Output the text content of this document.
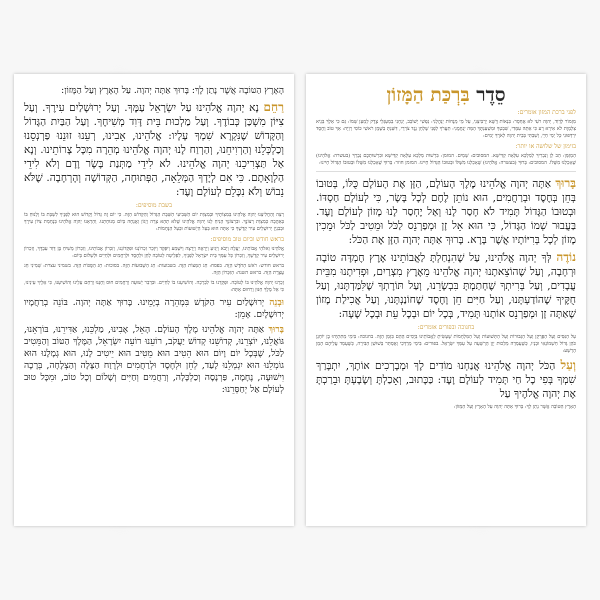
הָאָרֶץ הַטּוֹבָה אֲשֶׁר נָתַן לָךְ: בָּרוּךְ אַתָּה יְהוָה. עַל הָאָרֶץ וְעַל הַמָּזוֹן:
רַחֵם נָא יְהוָה אֱלֹהֵינוּ עַל יִשְׂרָאֵל עַמֶּךָ. וְעַל יְרוּשָׁלַיִם עִירֶךָ. וְעַל צִיּוֹן מִשְׁכַּן כְּבוֹדֶךָ. וְעַל מַלְכוּת בֵּית דָּוִד מְשִׁיחֶךָ. וְעַל הַבַּיִת הַגָּדוֹל וְהַקָּדוֹשׁ שֶׁנִּקְרָא שִׁמְךָ עָלָיו: אֱלֹהֵינוּ, אָבִינוּ, רְעֵנוּ זוּנֵנוּ פַּרְנְסֵנוּ וְכַלְכְּלֵנוּ וְהַרְוִיחֵנוּ, וְהַרְוַח לָנוּ יְהוָה אֱלֹהֵינוּ מְהֵרָה מִכָּל צָרוֹתֵינוּ. וְנָא אַל תַּצְרִיכֵנוּ יְהוָה אֱלֹהֵינוּ. לֹא לִידֵי מַתְּנַת בָּשָׂר וָדָם וְלֹא לִידֵי הַלְוָאָתָם. כִּי אִם לְיָדְךָ הַמְּלֵאָה, הַפְּתוּחָה, הַקְּדוֹשָׁה וְהָרְחָבָה. שֶׁלֹּא נֵבוֹשׁ וְלֹא נִכָּלֵם לְעוֹלָם וָעֶד:
בשבת מוסיפים:
רְצֵה וְהַחֲלִיצֵנוּ יְהוָה אֱלֹהֵינוּ בְּמִצְוֹתֶיךָ וּבְמִצְוַת יוֹם הַשְּׁבִיעִי הַשַּׁבָּת הַגָּדוֹל וְהַקָּדוֹשׁ הַזֶּה. כִּי יוֹם זֶה גָּדוֹל וְקָדוֹשׁ הוּא לְפָנֶיךָ לִשְׁבָּת בּוֹ וְלָנוּחַ בּוֹ בְּאַהֲבָה כְּמִצְוַת רְצוֹנֶךָ. וּבִרְצוֹנְךָ הָנִיחַ לָנוּ יְהוָה אֱלֹהֵינוּ שֶׁלֹּא תְהֵא צָרָה וְיָגוֹן וַאֲנָחָה בְּיוֹם מְנוּחָתֵנוּ. וְהַרְאֵנוּ יְהוָה אֱלֹהֵינוּ בְּנֶחָמַת צִיּוֹן עִירֶךָ וּבְבִנְיַן יְרוּשָׁלַיִם עִיר קָדְשֶׁךָ כִּי אַתָּה הוּא בַּעַל הַיְשׁוּעוֹת וּבַעַל הַנֶּחָמוֹת:
בראש חודש וביום טוב מוסיפים:
אֱלֹהֵינוּ וֵאלֹהֵי אֲבוֹתֵינוּ, יַעֲלֶה וְיָבֹא וְיַגִּיעַ וְיֵרָאֶה וְיֵרָצֶה וְיִשָּׁמַע וְיִפָּקֵד וְיִזָּכֵר זִכְרוֹנֵנוּ וּפִקְדוֹנֵנוּ, וְזִכְרוֹן אֲבוֹתֵינוּ, וְזִכְרוֹן מָשִׁיחַ בֶּן דָּוִד עַבְדֶּךָ, וְזִכְרוֹן יְרוּשָׁלַיִם עִיר קָדְשֶׁךָ, וְזִכְרוֹן כָּל עַמְּךָ בֵּית יִשְׂרָאֵל לְפָנֶיךָ, לִפְלֵיטָה לְטוֹבָה לְחֵן וּלְחֶסֶד וּלְרַחֲמִים וּלְחַיִּים וּלְשָׁלוֹם בְּיוֹם:
בראש חודש: רֹאשׁ הַחֹדֶשׁ הַזֶּה. בפסח: חַג הַמַּצּוֹת הַזֶּה. בשבועות: חַג הַשָּׁבוּעוֹת הַזֶּה. בסוכות: חַג הַסֻּכּוֹת הַזֶּה. בשמיני עצרת: שְׁמִינִי חַג עֲצֶרֶת הַזֶּה. בראש השנה: הַזִּכָּרוֹן הַזֶּה.
זָכְרֵנוּ יְהוָה אֱלֹהֵינוּ בּוֹ לְטוֹבָה. וּפָקְדֵנוּ בוֹ לִבְרָכָה. וְהוֹשִׁיעֵנוּ בוֹ לְחַיִּים. וּבִדְבַר יְשׁוּעָה וְרַחֲמִים חוּס וְחָנֵּנוּ וְרַחֵם עָלֵינוּ וְהוֹשִׁיעֵנוּ, כִּי אֵלֶיךָ עֵינֵינוּ, כִּי אֵל מֶלֶךְ חַנּוּן וְרַחוּם אָתָּה:
וּבְנֵה יְרוּשָׁלַיִם עִיר הַקֹּדֶשׁ בִּמְהֵרָה בְיָמֵינוּ. בָּרוּךְ אַתָּה יְהוָה. בּוֹנֵה בְרַחֲמָיו יְרוּשָׁלָיִם. אָמֵן:
בָּרוּךְ אַתָּה יְהוָה אֱלֹהֵינוּ מֶלֶךְ הָעוֹלָם. הָאֵל, אָבִינוּ, מַלְכֵּנוּ, אַדִּירֵנוּ, בּוֹרְאֵנוּ, גּוֹאֲלֵנוּ, יוֹצְרֵנוּ, קְדוֹשֵׁנוּ קְדוֹשׁ יַעֲקֹב, רוֹעֵנוּ רוֹעֵה יִשְׂרָאֵל, הַמֶּלֶךְ הַטּוֹב וְהַמֵּטִיב לַכֹּל, שֶׁבְּכָל יוֹם וָיוֹם הוּא הֵטִיב הוּא מֵטִיב הוּא יֵיטִיב לָנוּ, הוּא גְמָלָנוּ הוּא גוֹמְלֵנוּ הוּא יִגְמְלֵנוּ לָעַד, לְחֵן וּלְחֶסֶד וּלְרַחֲמִים וּלְרֶוַח הַצָּלָה וְהַצְלָחָה, בְּרָכָה וִישׁוּעָה, נֶחָמָה, פַּרְנָסָה וְכַלְכָּלָה, וְרַחֲמִים וְחַיִּים וְשָׁלוֹם וְכָל טוֹב, וּמִכָּל טוּב לְעוֹלָם אַל יְחַסְּרֵנוּ:
סֵדֶר בִּרְכַּת הַמָּזוֹן
לפני ברכת המזון אומרים:
מִזְמוֹר לְדָוִד, יְהוָה רֹעִי לֹא אֶחְסָר: בִּנְאוֹת דֶּשֶׁא יַרְבִּיצֵנִי, עַל מֵי מְנֻחוֹת יְנַהֲלֵנִי: נַפְשִׁי יְשׁוֹבֵב, יַנְחֵנִי בְמַעְגְּלֵי צֶדֶק לְמַעַן שְׁמוֹ: גַּם כִּי אֵלֵךְ בְּגֵיא צַלְמָוֶת לֹא אִירָא רָע כִּי אַתָּה עִמָּדִי, שִׁבְטְךָ וּמִשְׁעַנְתֶּךָ הֵמָּה יְנַחֲמֻנִי: תַּעֲרֹךְ לְפָנַי שֻׁלְחָן נֶגֶד צֹרְרָי, דִּשַּׁנְתָּ בַשֶּׁמֶן רֹאשִׁי כּוֹסִי רְוָיָה: אַךְ טוֹב וָחֶסֶד יִרְדְּפוּנִי כָּל יְמֵי חַיָּי, וְשַׁבְתִּי בְּבֵית יְהוָה לְאֹרֶךְ יָמִים:
בזימון של שלושה או יותר:
הַמְזַמֵּן: הַב לָן וְנִבְרִיךְ לְמַלְכָּא עִלָּאָה קַדִּישָׁא. המסובים: שָׁמַיִם. המזמן: בִּרְשׁוּת מַלְכָּא עִלָּאָה קַדִּישָׁא וּבִרְשׁוּתְכֶם נְבָרֵךְ (בעשרה: אֱלֹהֵינוּ) שֶׁאָכַלְנוּ מִשֶּׁלּוֹ. המסובים: בָּרוּךְ (בעשרה: אֱלֹהֵינוּ) שֶׁאָכַלְנוּ מִשֶּׁלּוֹ וּבְטוּבוֹ הַגָּדוֹל חָיִינוּ. המזמן חוזר: בָּרוּךְ שֶׁאָכַלְנוּ מִשֶּׁלּוֹ וּבְטוּבוֹ הַגָּדוֹל חָיִינוּ:
בָּרוּךְ אַתָּה יְהוָה אֱלֹהֵינוּ מֶלֶךְ הָעוֹלָם, הַזָּן אֶת הָעוֹלָם כֻּלּוֹ, בְּטוּבוֹ בְּחֵן בְּחֶסֶד וּבְרַחֲמִים, הוּא נוֹתֵן לֶחֶם לְכָל בָּשָׂר, כִּי לְעוֹלָם חַסְדּוֹ. וּבְטוּבוֹ הַגָּדוֹל תָּמִיד לֹא חָסַר לָנוּ וְאַל יֶחְסַר לָנוּ מָזוֹן לְעוֹלָם וָעֶד. בַּעֲבוּר שְׁמוֹ הַגָּדוֹל, כִּי הוּא אֵל זָן וּמְפַרְנֵס לַכֹּל וּמֵטִיב לַכֹּל וּמֵכִין מָזוֹן לְכָל בְּרִיּוֹתָיו אֲשֶׁר בָּרָא. בָּרוּךְ אַתָּה יְהוָה הַזָּן אֶת הַכֹּל:
נוֹדֶה לְּךָ יְהוָה אֱלֹהֵינוּ, עַל שֶׁהִנְחַלְתָּ לַאֲבוֹתֵינוּ אֶרֶץ חֶמְדָּה טוֹבָה וּרְחָבָה, וְעַל שֶׁהוֹצֵאתָנוּ יְהוָה אֱלֹהֵינוּ מֵאֶרֶץ מִצְרַיִם, וּפְדִיתָנוּ מִבֵּית עֲבָדִים, וְעַל בְּרִיתְךָ שֶׁחָתַמְתָּ בִּבְשָׂרֵנוּ, וְעַל תּוֹרָתְךָ שֶׁלִּמַּדְתָּנוּ, וְעַל חֻקֶּיךָ שֶׁהוֹדַעְתָּנוּ, וְעַל חַיִּים חֵן וָחֶסֶד שֶׁחוֹנַנְתָּנוּ, וְעַל אֲכִילַת מָזוֹן שָׁאַתָּה זָן וּמְפַרְנֵס אוֹתָנוּ תָּמִיד, בְּכָל יוֹם וּבְכָל עֵת וּבְכָל שָׁעָה:
בחנוכה ובפורים אומרים:
עַל הַנִּסִּים וְעַל הַפֻּרְקָן וְעַל הַגְּבוּרוֹת וְעַל הַתְּשׁוּעוֹת וְעַל הַמִּלְחָמוֹת שֶׁעָשִׂיתָ לַאֲבוֹתֵינוּ בַּיָּמִים הָהֵם בִּזְּמַן הַזֶּה. בחנוכה: בִּימֵי מַתִּתְיָהוּ בֶן יוֹחָנָן כֹּהֵן גָּדוֹל חַשְׁמוֹנָאִי וּבָנָיו, כְּשֶׁעָמְדָה מַלְכוּת יָוָן הָרְשָׁעָה עַל עַמְּךָ יִשְׂרָאֵל. בפורים: בִּימֵי מָרְדְּכַי וְאֶסְתֵּר בְּשׁוּשַׁן הַבִּירָה, כְּשֶׁעָמַד עֲלֵיהֶם הָמָן הָרָשָׁע:
וְעַל הַכֹּל יְהוָה אֱלֹהֵינוּ אֲנַחְנוּ מוֹדִים לָךְ וּמְבָרְכִים אוֹתָךְ, יִתְבָּרַךְ שִׁמְךָ בְּפִי כָל חַי תָּמִיד לְעוֹלָם וָעֶד: כַּכָּתוּב, וְאָכַלְתָּ וְשָׂבָעְתָּ וּבֵרַכְתָּ אֶת יְהוָה אֱלֹהֶיךָ עַל
הָאָרֶץ הַטּוֹבָה אֲשֶׁר נָתַן לָךְ: בָּרוּךְ אַתָּה יְהוָה עַל הָאָרֶץ וְעַל הַמָּזוֹן:
